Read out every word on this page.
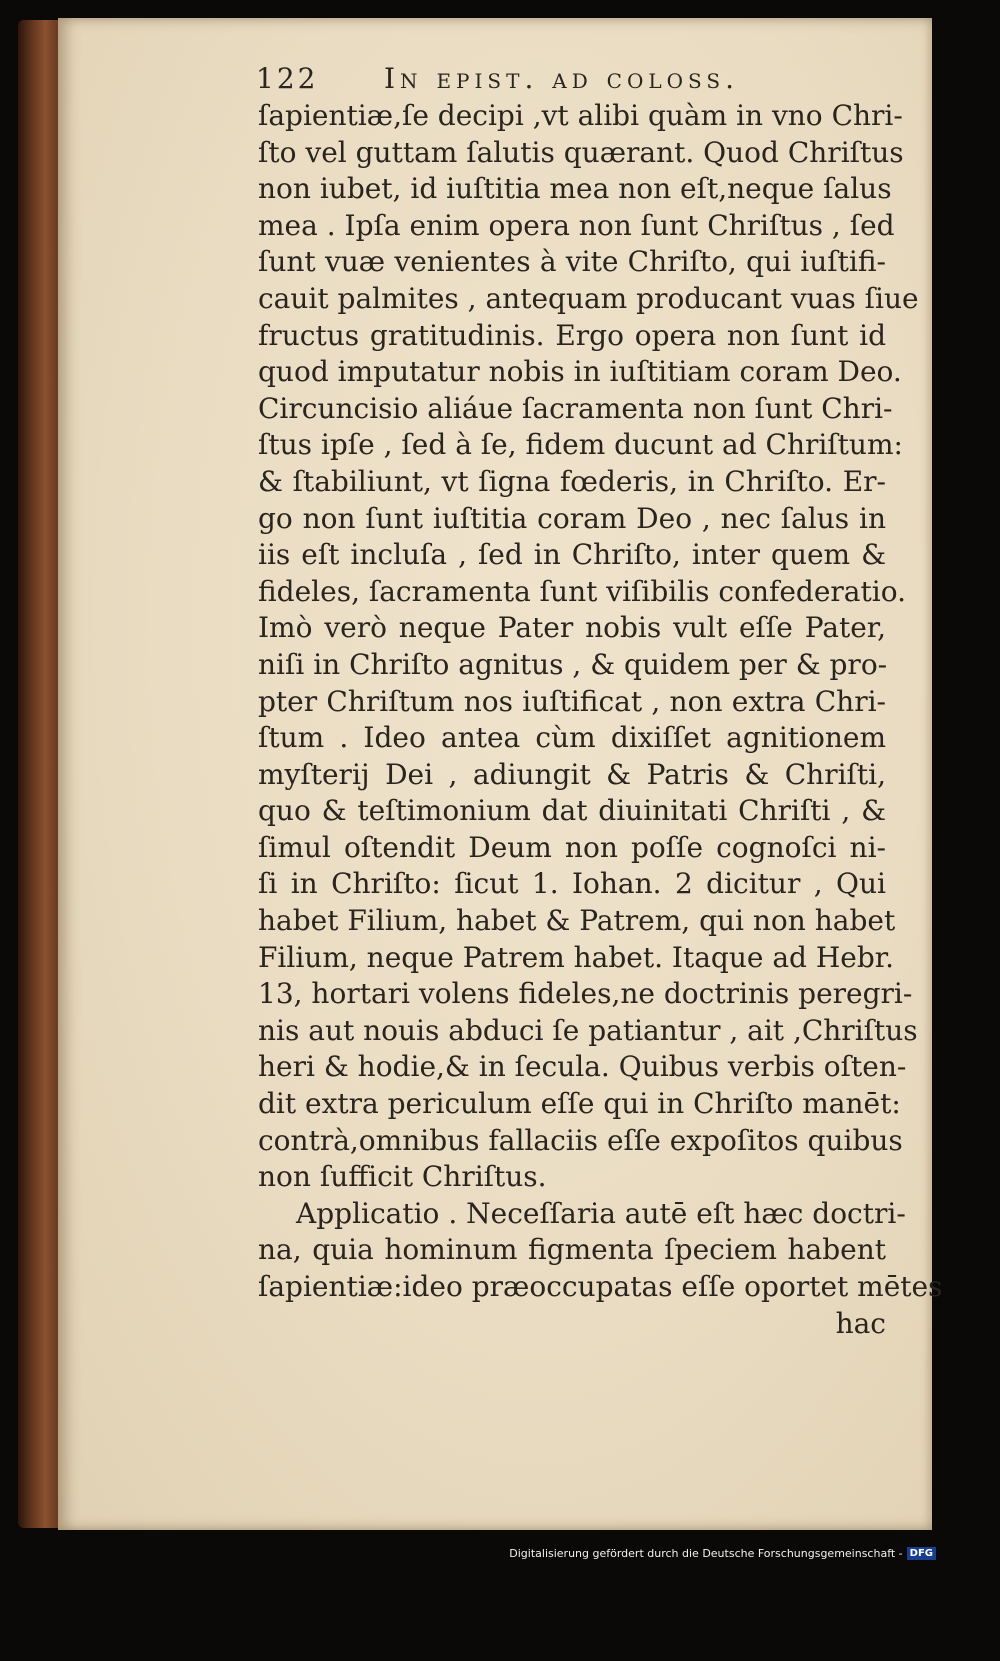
122 In epist. ad coloss.
ſapientiæ,ſe decipi ,vt alibi quàm in vno Chri-
ſto vel guttam ſalutis quærant. Quod Chriſtus
non iubet, id iuſtitia mea non eſt,neque ſalus
mea . Ipſa enim opera non ſunt Chriſtus , ſed
ſunt vuæ venientes à vite Chriſto, qui iuſtifi-
cauit palmites , antequam producant vuas ſiue
fructus gratitudinis. Ergo opera non ſunt id
quod imputatur nobis in iuſtitiam coram Deo.
Circuncisio aliáue ſacramenta non ſunt Chri-
ſtus ipſe , ſed à ſe, fidem ducunt ad Chriſtum:
& ſtabiliunt, vt ſigna fœderis, in Chriſto. Er-
go non ſunt iuſtitia coram Deo , nec ſalus in
iis eſt incluſa , ſed in Chriſto, inter quem &
fideles, ſacramenta ſunt viſibilis confederatio.
Imò verò neque Pater nobis vult eſſe Pater,
niſi in Chriſto agnitus , & quidem per & pro-
pter Chriſtum nos iuſtificat , non extra Chri-
ſtum . Ideo antea cùm dixiſſet agnitionem
myſterij Dei , adiungit & Patris & Chriſti,
quo & teſtimonium dat diuinitati Chriſti , &
ſimul oſtendit Deum non poſſe cognoſci ni-
ſi in Chriſto: ſicut 1. Iohan. 2 dicitur , Qui
habet Filium, habet & Patrem, qui non habet
Filium, neque Patrem habet. Itaque ad Hebr.
13, hortari volens fideles,ne doctrinis peregri-
nis aut nouis abduci ſe patiantur , ait ,Chriſtus
heri & hodie,& in ſecula. Quibus verbis oſten-
dit extra periculum eſſe qui in Chriſto manēt:
contrà,omnibus fallaciis eſſe expoſitos quibus
non ſufficit Chriſtus.
Applicatio . Neceſſaria autē eſt hæc doctri-
na, quia hominum figmenta ſpeciem habent
ſapientiæ:ideo præoccupatas eſſe oportet mētes
hac
Digitalisierung gefördert durch die Deutsche Forschungsgemeinschaft - DFG
